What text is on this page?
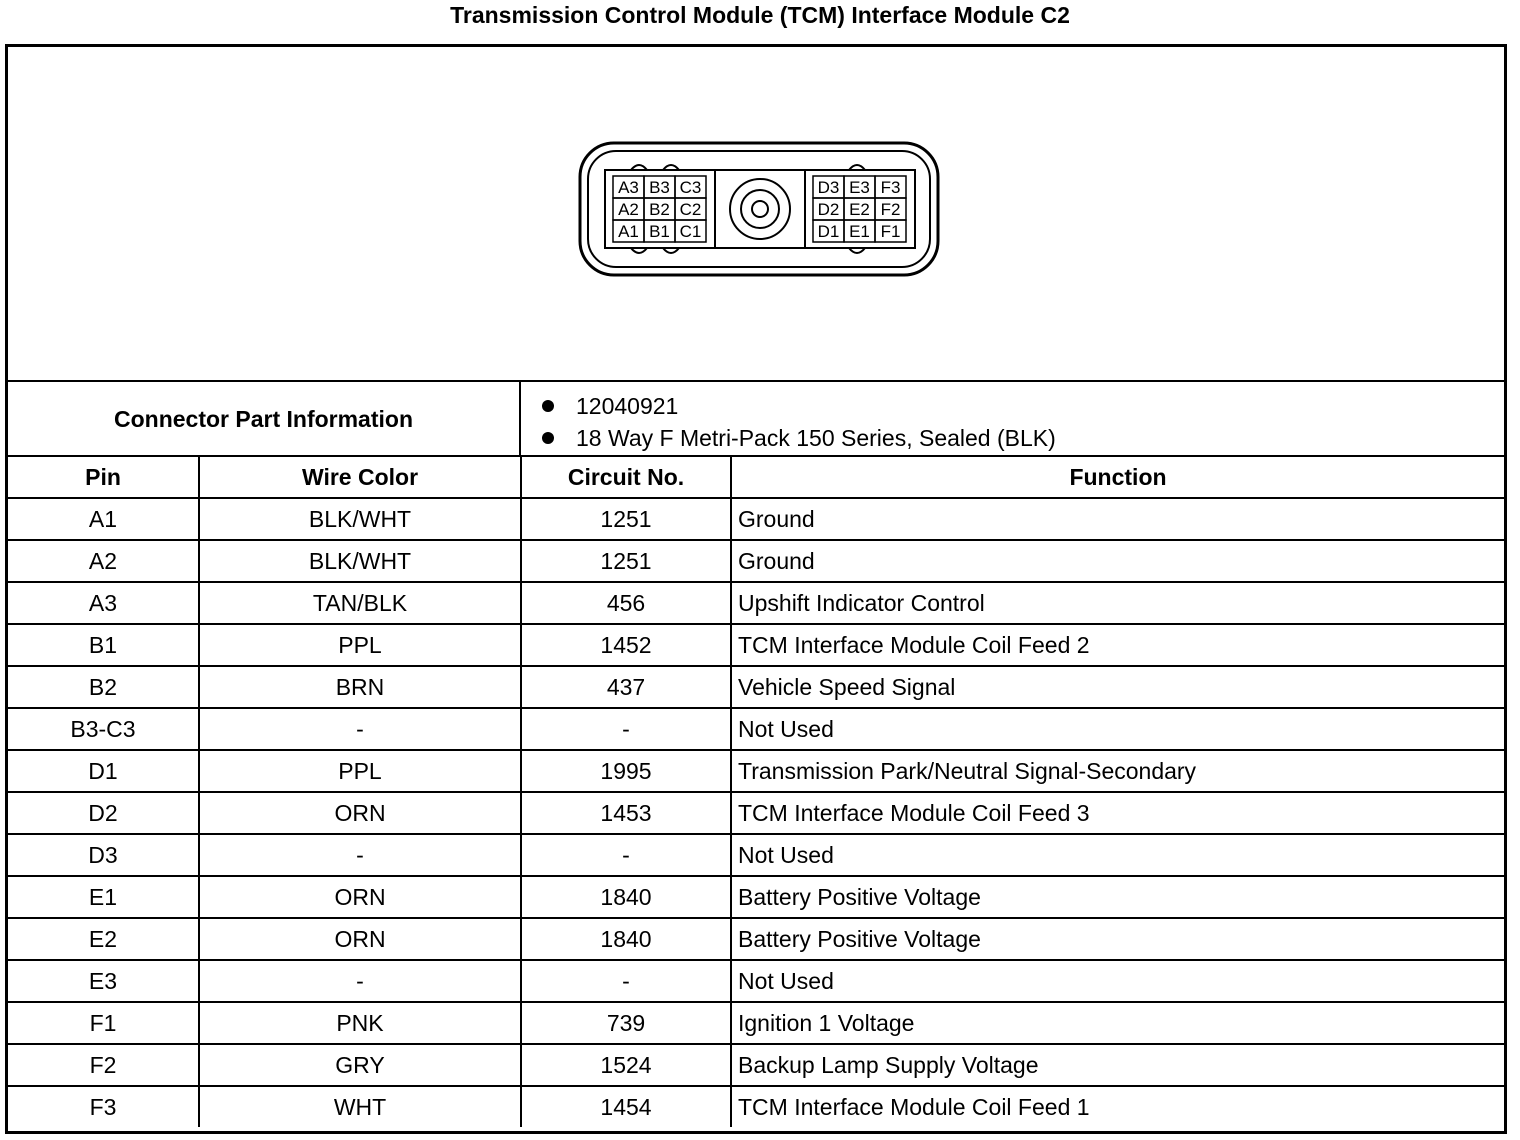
Transmission Control Module (TCM) Interface Module C2
A3 B3 C3
A2 B2 C2
A1 B1 C1
D3 E3 F3
D2 E2 F2
D1 E1 F1
Connector Part Information	12040921
18 Way F Metri-Pack 150 Series, Sealed (BLK)
Pin	Wire Color	Circuit No.	Function
A1	BLK/WHT	1251	Ground
A2	BLK/WHT	1251	Ground
A3	TAN/BLK	456	Upshift Indicator Control
B1	PPL	1452	TCM Interface Module Coil Feed 2
B2	BRN	437	Vehicle Speed Signal
B3-C3	-	-	Not Used
D1	PPL	1995	Transmission Park/Neutral Signal-Secondary
D2	ORN	1453	TCM Interface Module Coil Feed 3
D3	-	-	Not Used
E1	ORN	1840	Battery Positive Voltage
E2	ORN	1840	Battery Positive Voltage
E3	-	-	Not Used
F1	PNK	739	Ignition 1 Voltage
F2	GRY	1524	Backup Lamp Supply Voltage
F3	WHT	1454	TCM Interface Module Coil Feed 1
